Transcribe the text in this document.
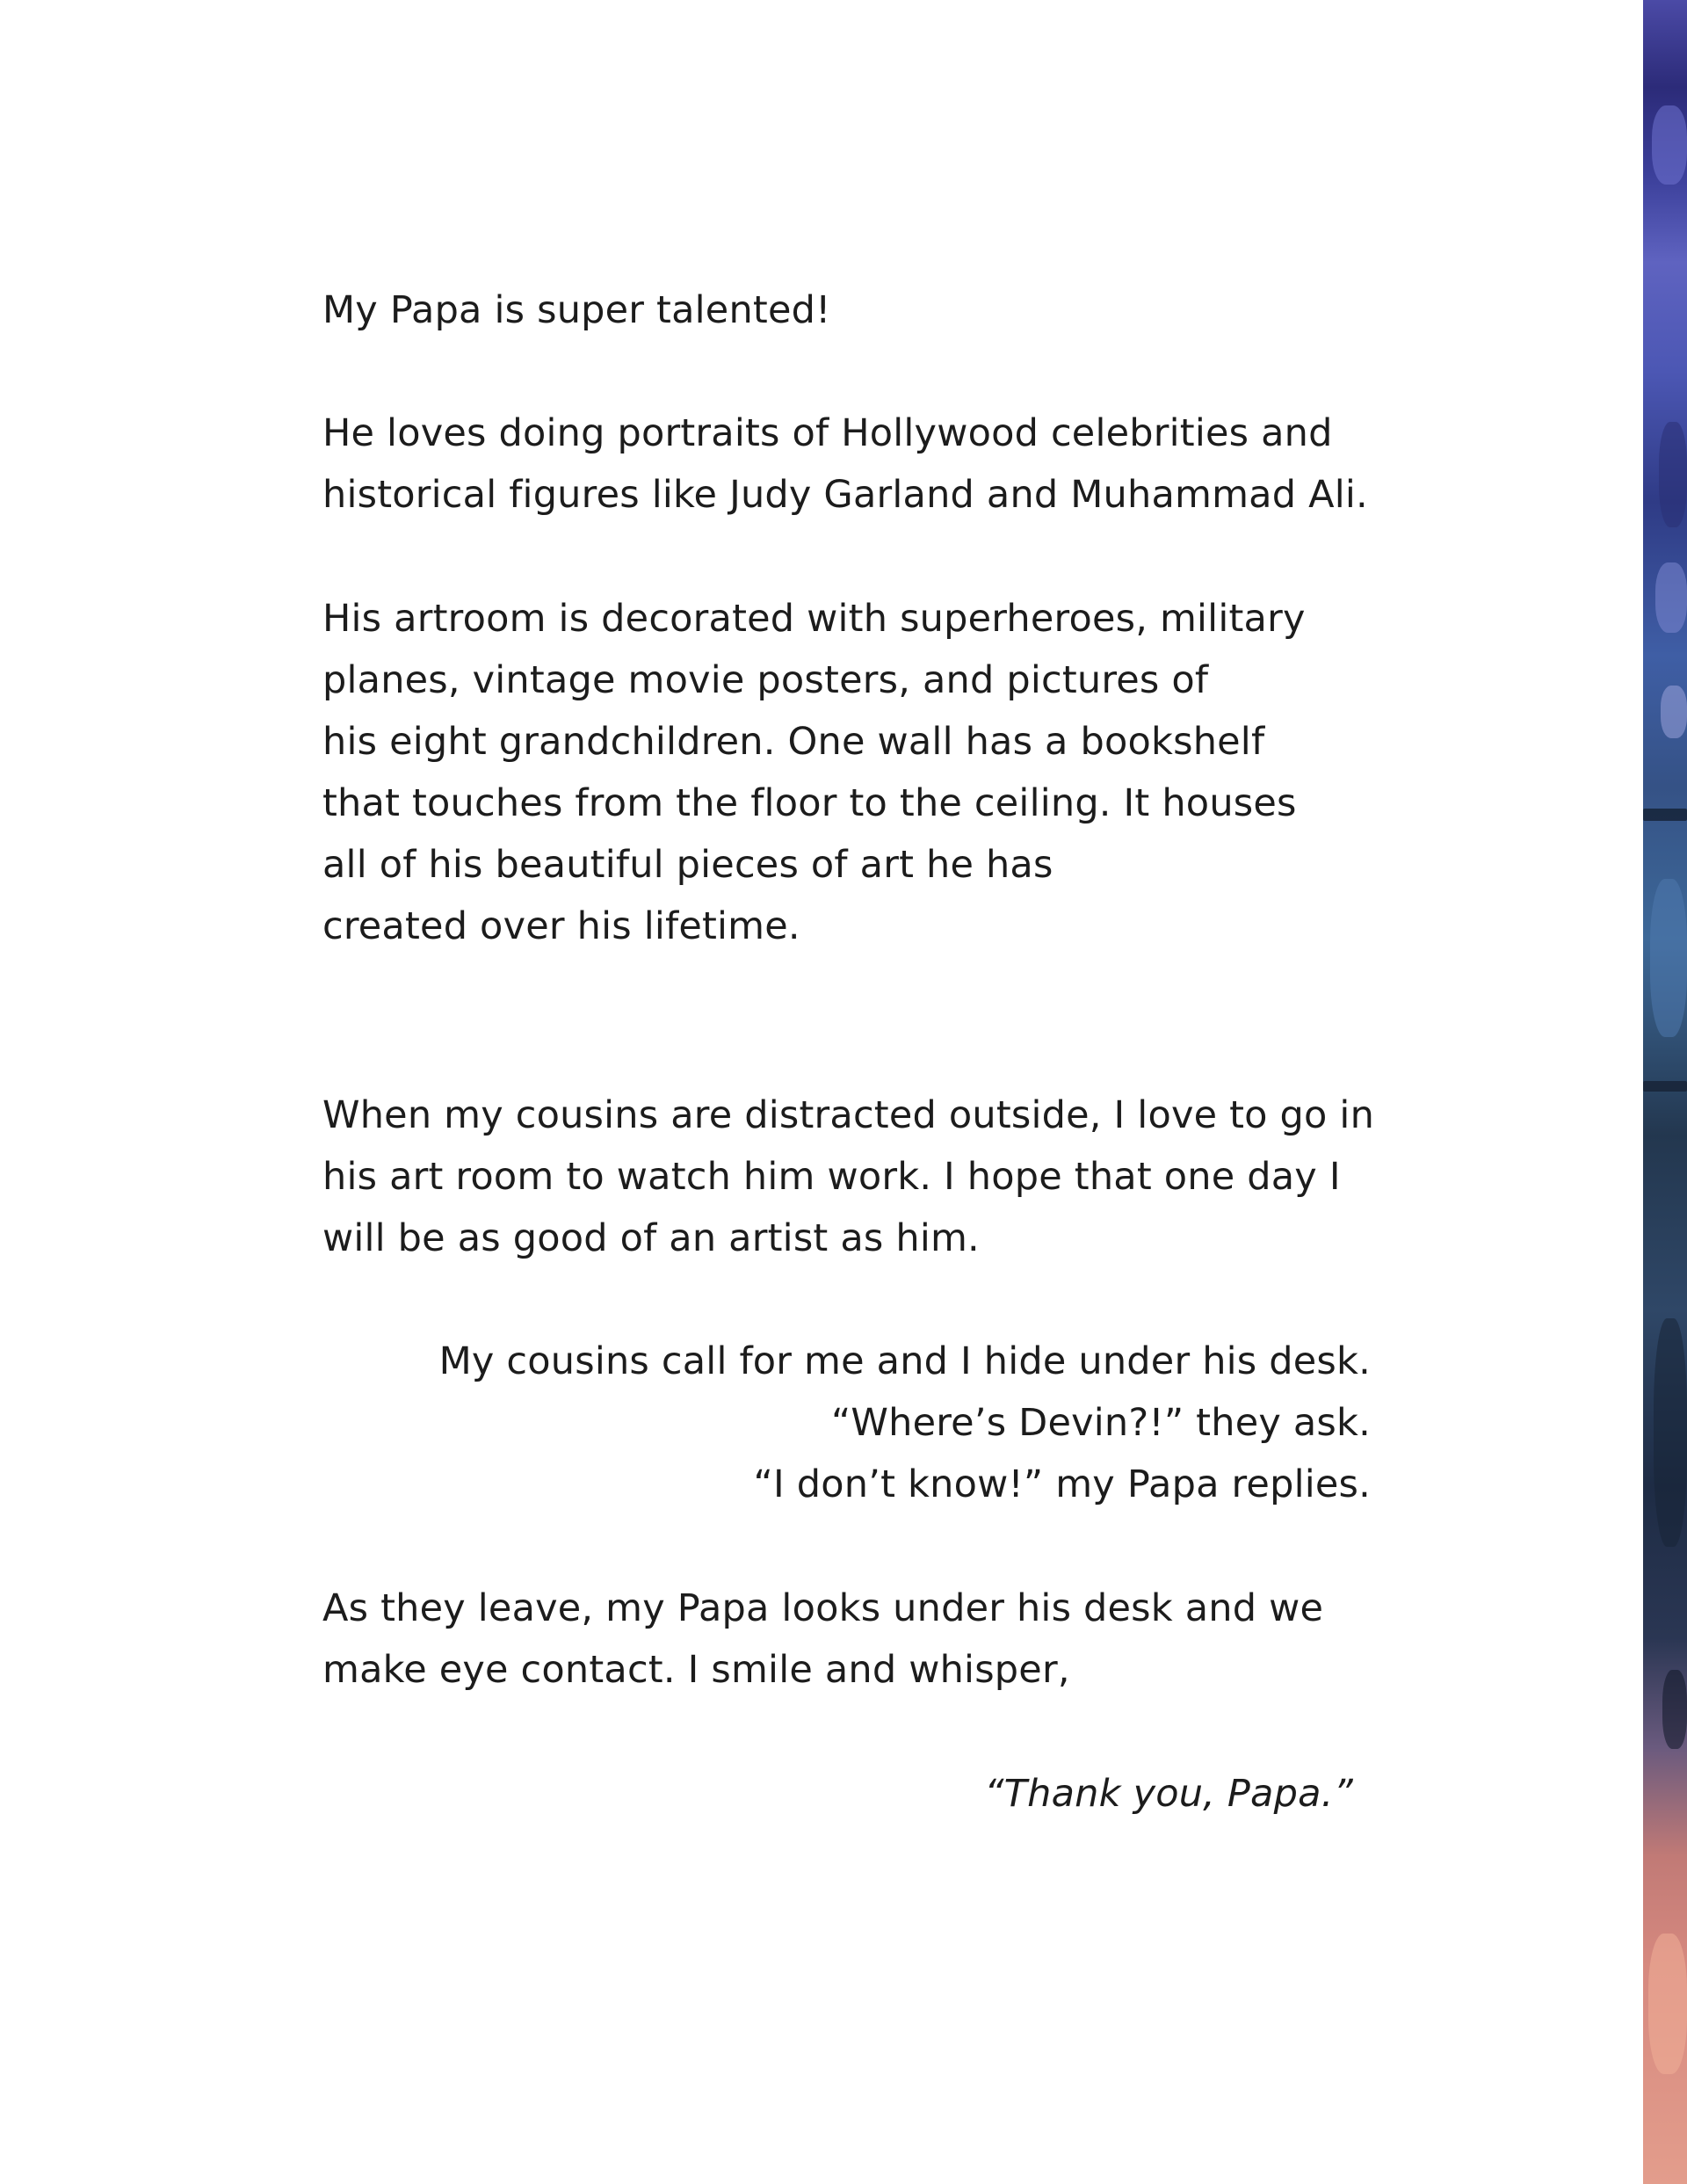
My Papa is super talented!
He loves doing portraits of Hollywood celebrities and
historical figures like Judy Garland and Muhammad Ali.
His artroom is decorated with superheroes, military
planes, vintage movie posters, and pictures of
his eight grandchildren. One wall has a bookshelf
that touches from the floor to the ceiling. It houses
all of his beautiful pieces of art he has
created over his lifetime.
When my cousins are distracted outside, I love to go in
his art room to watch him work. I hope that one day I
will be as good of an artist as him.
My cousins call for me and I hide under his desk.
“Where’s Devin?!” they ask.
“I don’t know!” my Papa replies.
As they leave, my Papa looks under his desk and we
make eye contact. I smile and whisper,
“Thank you, Papa.”
